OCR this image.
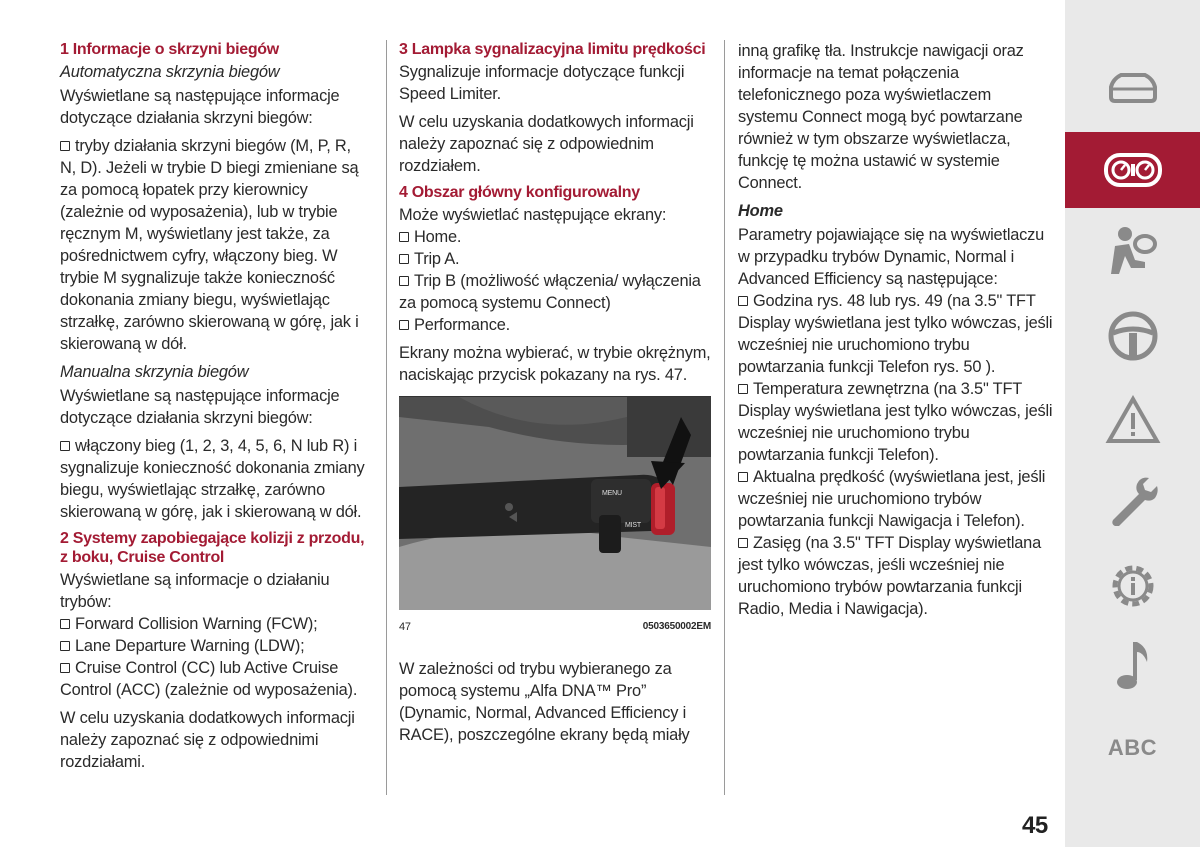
1 Informacje o skrzyni biegów
Automatyczna skrzynia biegów

Wyświetlane są następujące informacje dotyczące działania skrzyni biegów:

tryby działania skrzyni biegów (M, P, R, N, D). Jeżeli w trybie D biegi zmieniane są za pomocą łopatek przy kierownicy (zależnie od wyposażenia), lub w trybie ręcznym M, wyświetlany jest także, za pośrednictwem cyfry, włączony bieg. W trybie M sygnalizuje także konieczność dokonania zmiany biegu, wyświetlając strzałkę, zarówno skierowaną w górę, jak i skierowaną w dół.

Manualna skrzynia biegów

Wyświetlane są następujące informacje dotyczące działania skrzyni biegów:

włączony bieg (1, 2, 3, 4, 5, 6, N lub R) i sygnalizuje konieczność dokonania zmiany biegu, wyświetlając strzałkę, zarówno skierowaną w górę, jak i skierowaną w dół.

2 Systemy zapobiegające kolizji z przodu, z boku, Cruise Control

Wyświetlane są informacje o działaniu trybów:

Forward Collision Warning (FCW);
Lane Departure Warning (LDW);
Cruise Control (CC) lub Active Cruise Control (ACC) (zależnie od wyposażenia).

W celu uzyskania dodatkowych informacji należy zapoznać się z odpowiednimi rozdziałami.

3 Lampka sygnalizacyjna limitu prędkości

Sygnalizuje informacje dotyczące funkcji Speed Limiter.

W celu uzyskania dodatkowych informacji należy zapoznać się z odpowiednim rozdziałem.

4 Obszar główny konfigurowalny

Może wyświetlać następujące ekrany:

Home.
Trip A.
Trip B (możliwość włączenia/ wyłączenia za pomocą systemu Connect)
Performance.

Ekrany można wybierać, w trybie okrężnym, naciskając przycisk pokazany na rys. 47.

MENU
MIST
47	0503650002EM

W zależności od trybu wybieranego za pomocą systemu „Alfa DNA™ Pro” (Dynamic, Normal, Advanced Efficiency i RACE), poszczególne ekrany będą miały

inną grafikę tła. Instrukcje nawigacji oraz informacje na temat połączenia telefonicznego poza wyświetlaczem systemu Connect mogą być powtarzane również w tym obszarze wyświetlacza, funkcję tę można ustawić w systemie Connect.

Home

Parametry pojawiające się na wyświetlaczu w przypadku trybów Dynamic, Normal i Advanced Efficiency są następujące:

Godzina rys. 48 lub rys. 49 (na 3.5" TFT Display wyświetlana jest tylko wówczas, jeśli wcześniej nie uruchomiono trybu powtarzania funkcji Telefon rys. 50 ).
Temperatura zewnętrzna (na 3.5" TFT Display wyświetlana jest tylko wówczas, jeśli wcześniej nie uruchomiono trybu powtarzania funkcji Telefon).
Aktualna prędkość (wyświetlana jest, jeśli wcześniej nie uruchomiono trybów powtarzania funkcji Nawigacja i Telefon).
Zasięg (na 3.5" TFT Display wyświetlana jest tylko wówczas, jeśli wcześniej nie uruchomiono trybów powtarzania funkcji Radio, Media i Nawigacja).

ABC
45
